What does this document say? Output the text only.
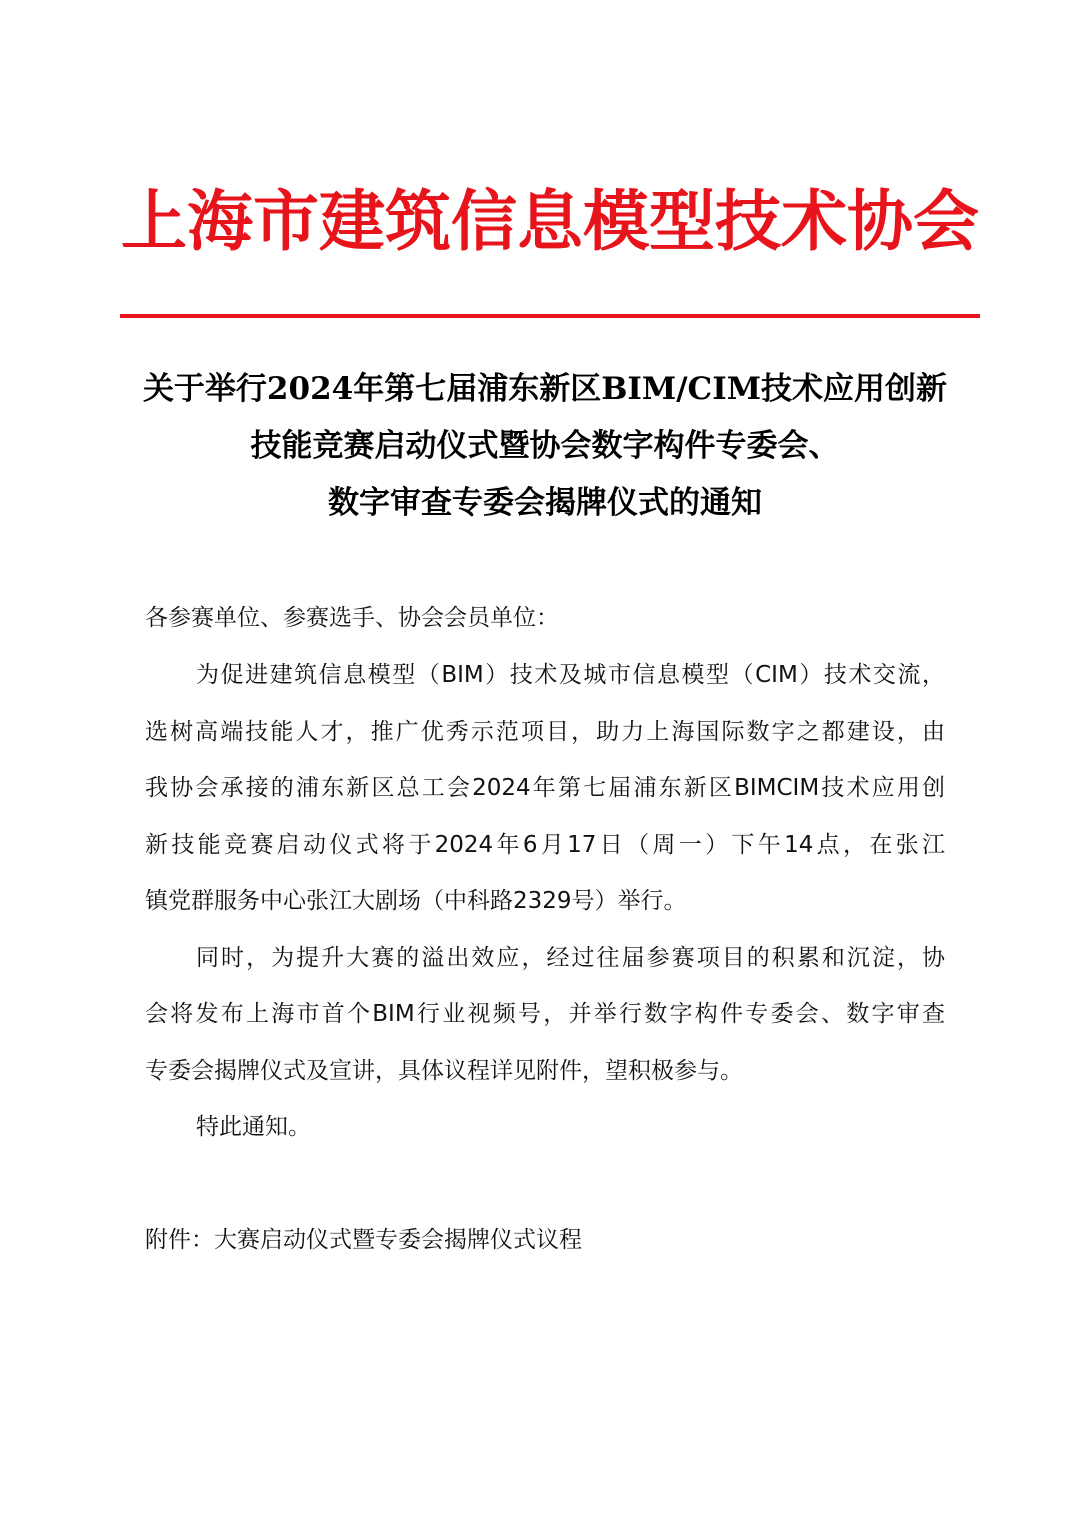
上海市建筑信息模型技术协会
关于举行2024年第七届浦东新区BIM/CIM技术应用创新
技能竞赛启动仪式暨协会数字构件专委会、
数字审查专委会揭牌仪式的通知
各参赛单位、参赛选手、协会会员单位：
为促进建筑信息模型（BIM）技术及城市信息模型（CIM）技术交流，
选树高端技能人才，推广优秀示范项目，助力上海国际数字之都建设，由
我协会承接的浦东新区总工会2024年第七届浦东新区BIMCIM技术应用创
新技能竞赛启动仪式将于2024年6月17日（周一）下午14点，在张江
镇党群服务中心张江大剧场（中科路2329号）举行。
同时，为提升大赛的溢出效应，经过往届参赛项目的积累和沉淀，协
会将发布上海市首个BIM行业视频号，并举行数字构件专委会、数字审查
专委会揭牌仪式及宣讲，具体议程详见附件，望积极参与。
特此通知。
附件：大赛启动仪式暨专委会揭牌仪式议程
